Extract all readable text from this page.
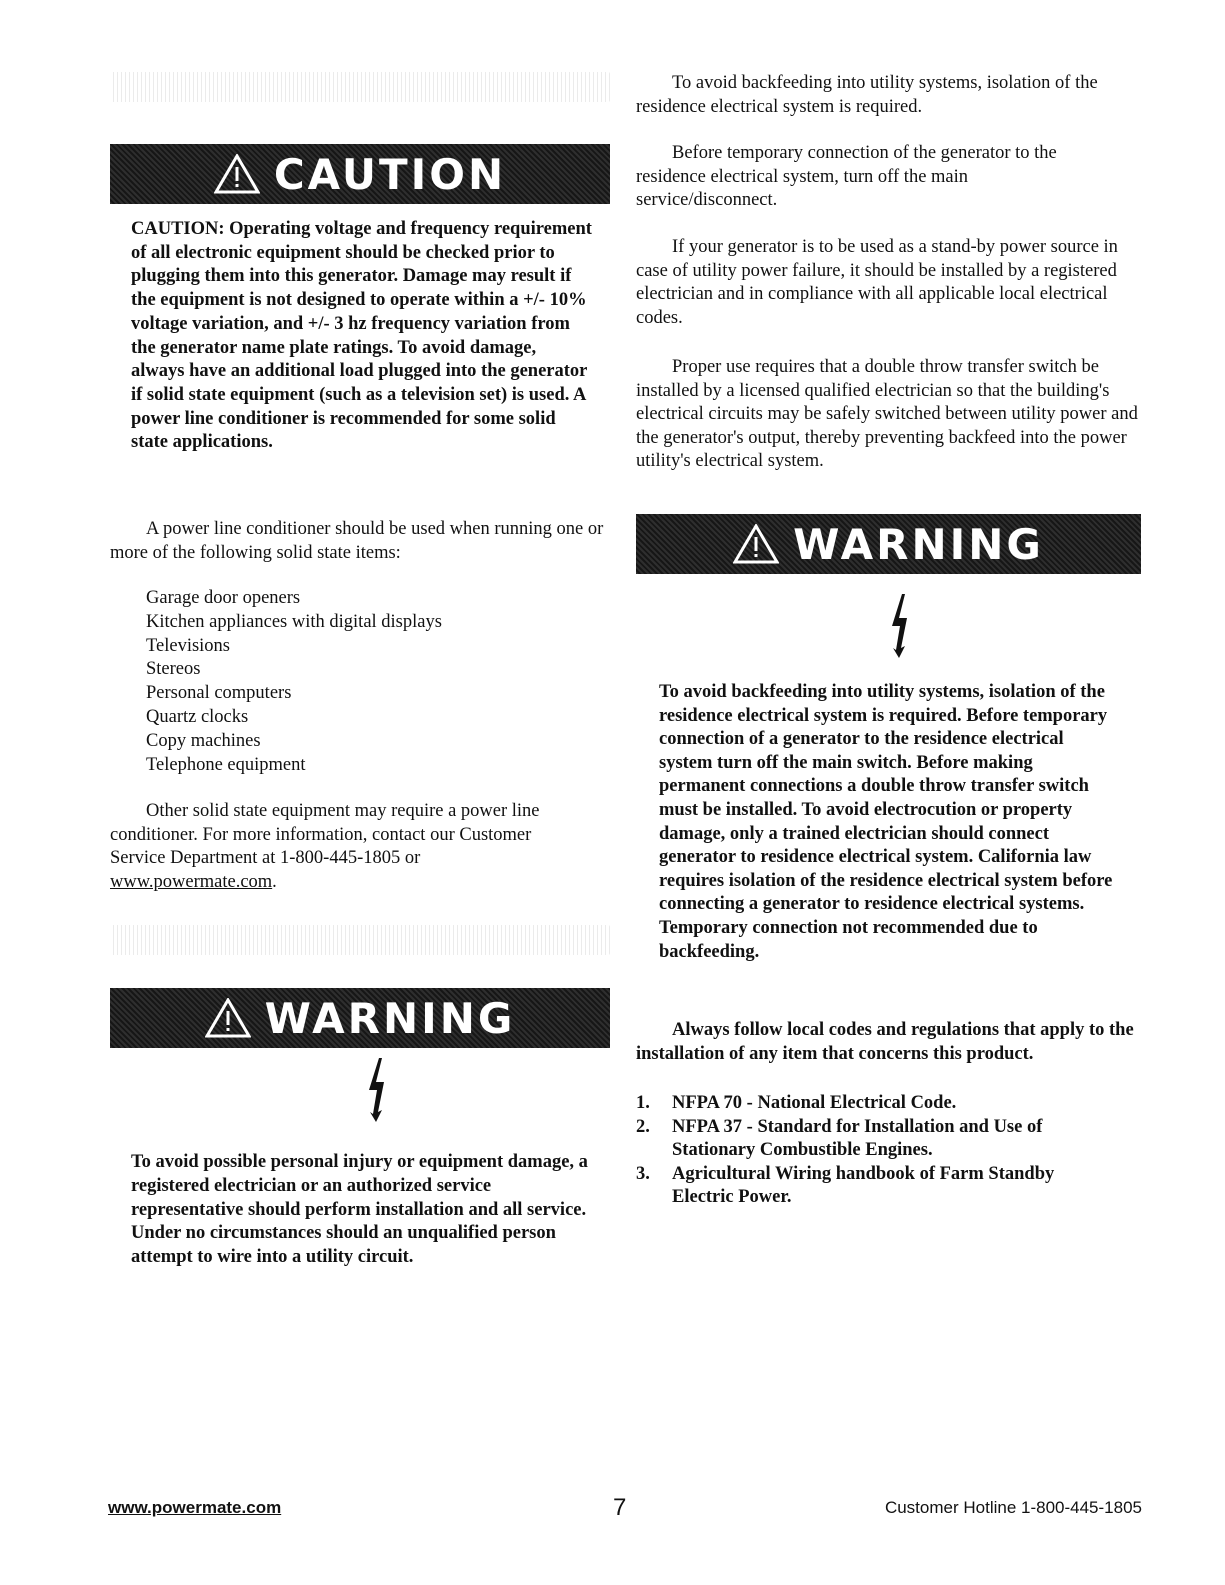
CAUTION

CAUTION: Operating voltage and frequency requirement of all electronic equipment should be checked prior to plugging them into this generator. Damage may result if the equipment is not designed to operate within a +/- 10% voltage variation, and +/- 3 hz frequency variation from the generator name plate ratings. To avoid damage, always have an additional load plugged into the generator if solid state equipment (such as a television set) is used. A power line conditioner is recommended for some solid state applications.

A power line conditioner should be used when running one or more of the following solid state items:

Garage door openers
Kitchen appliances with digital displays
Televisions
Stereos
Personal computers
Quartz clocks
Copy machines
Telephone equipment

Other solid state equipment may require a power line conditioner. For more information, contact our Customer Service Department at 1-800-445-1805 or www.powermate.com.

WARNING

To avoid possible personal injury or equipment damage, a registered electrician or an authorized service representative should perform installation and all service. Under no circumstances should an unqualified person attempt to wire into a utility circuit.

To avoid backfeeding into utility systems, isolation of the residence electrical system is required.

Before temporary connection of the generator to the residence electrical system, turn off the main service/disconnect.

If your generator is to be used as a stand-by power source in case of utility power failure, it should be installed by a registered electrician and in compliance with all applicable local electrical codes.

Proper use requires that a double throw transfer switch be installed by a licensed qualified electrician so that the building's electrical circuits may be safely switched between utility power and the generator's output, thereby preventing backfeed into the power utility's electrical system.

WARNING

To avoid backfeeding into utility systems, isolation of the residence electrical system is required. Before temporary connection of a generator to the residence electrical system turn off the main switch. Before making permanent connections a double throw transfer switch must be installed. To avoid electrocution or property damage, only a trained electrician should connect generator to residence electrical system. California law requires isolation of the residence electrical system before connecting a generator to residence electrical systems. Temporary connection not recommended due to backfeeding.

Always follow local codes and regulations that apply to the installation of any item that concerns this product.

1.	NFPA 70 - National Electrical Code.
2.	NFPA 37 - Standard for Installation and Use of Stationary Combustible Engines.
3.	Agricultural Wiring handbook of Farm Standby Electric Power.
www.powermate.com	7	Customer Hotline 1-800-445-1805
